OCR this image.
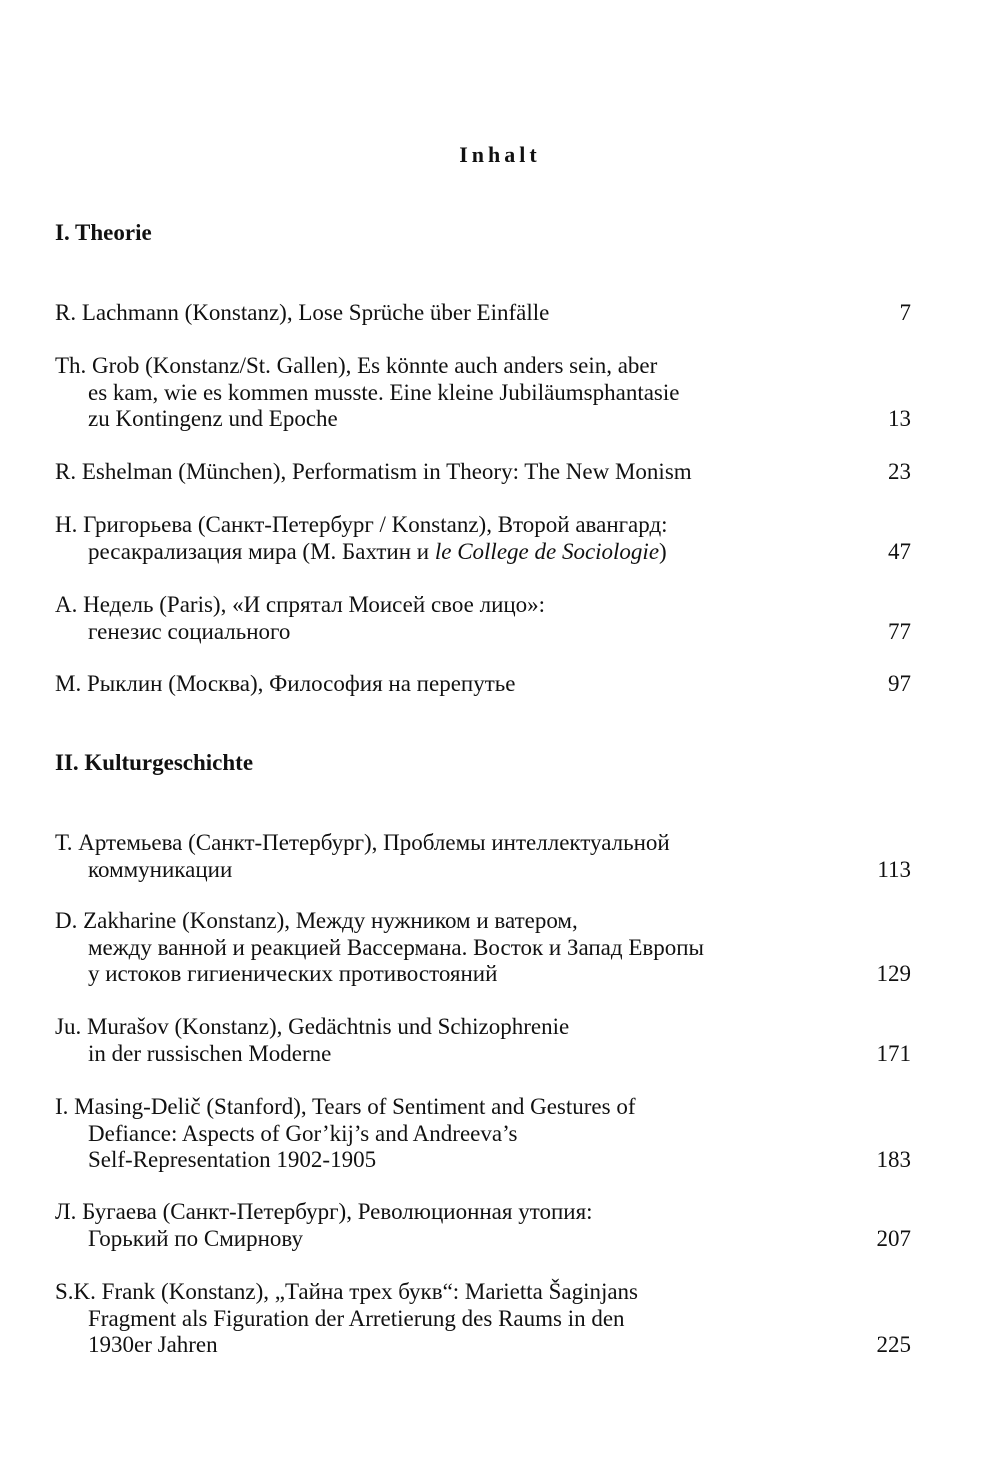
Inhalt
I. Theorie
R. Lachmann (Konstanz), Lose Sprüche über Einfälle	7
Th. Grob (Konstanz/St. Gallen), Es könnte auch anders sein, aber
es kam, wie es kommen musste. Eine kleine Jubiläumsphantasie
zu Kontingenz und Epoche	13
R. Eshelman (München), Performatism in Theory: The New Monism	23
Н. Григорьева (Санкт-Петербург / Konstanz), Второй авангард:
ресакрализация мира (М. Бахтин и le College de Sociologie)	47
А. Недель (Paris), «И спрятал Моисей свое лицо»:
генезис социального	77
М. Рыклин (Москва), Философия на перепутье	97
II. Kulturgeschichte
Т. Артемьева (Санкт-Петербург), Проблемы интеллектуальной
коммуникации	113
D. Zakharine (Konstanz), Между нужником и ватером,
между ванной и реакцией Вассермана. Восток и Запад Европы
у истоков гигиенических противостояний	129
Ju. Murašov (Konstanz), Gedächtnis und Schizophrenie
in der russischen Moderne	171
I. Masing-Delič (Stanford), Tears of Sentiment and Gestures of
Defiance: Aspects of Gor’kij’s and Andreeva’s
Self-Representation 1902-1905	183
Л. Бугаева (Санкт-Петербург), Революционная утопия:
Горький по Смирнову	207
S.K. Frank (Konstanz), „Тайна трех букв“: Marietta Šaginjans
Fragment als Figuration der Arretierung des Raums in den
1930er Jahren	225
